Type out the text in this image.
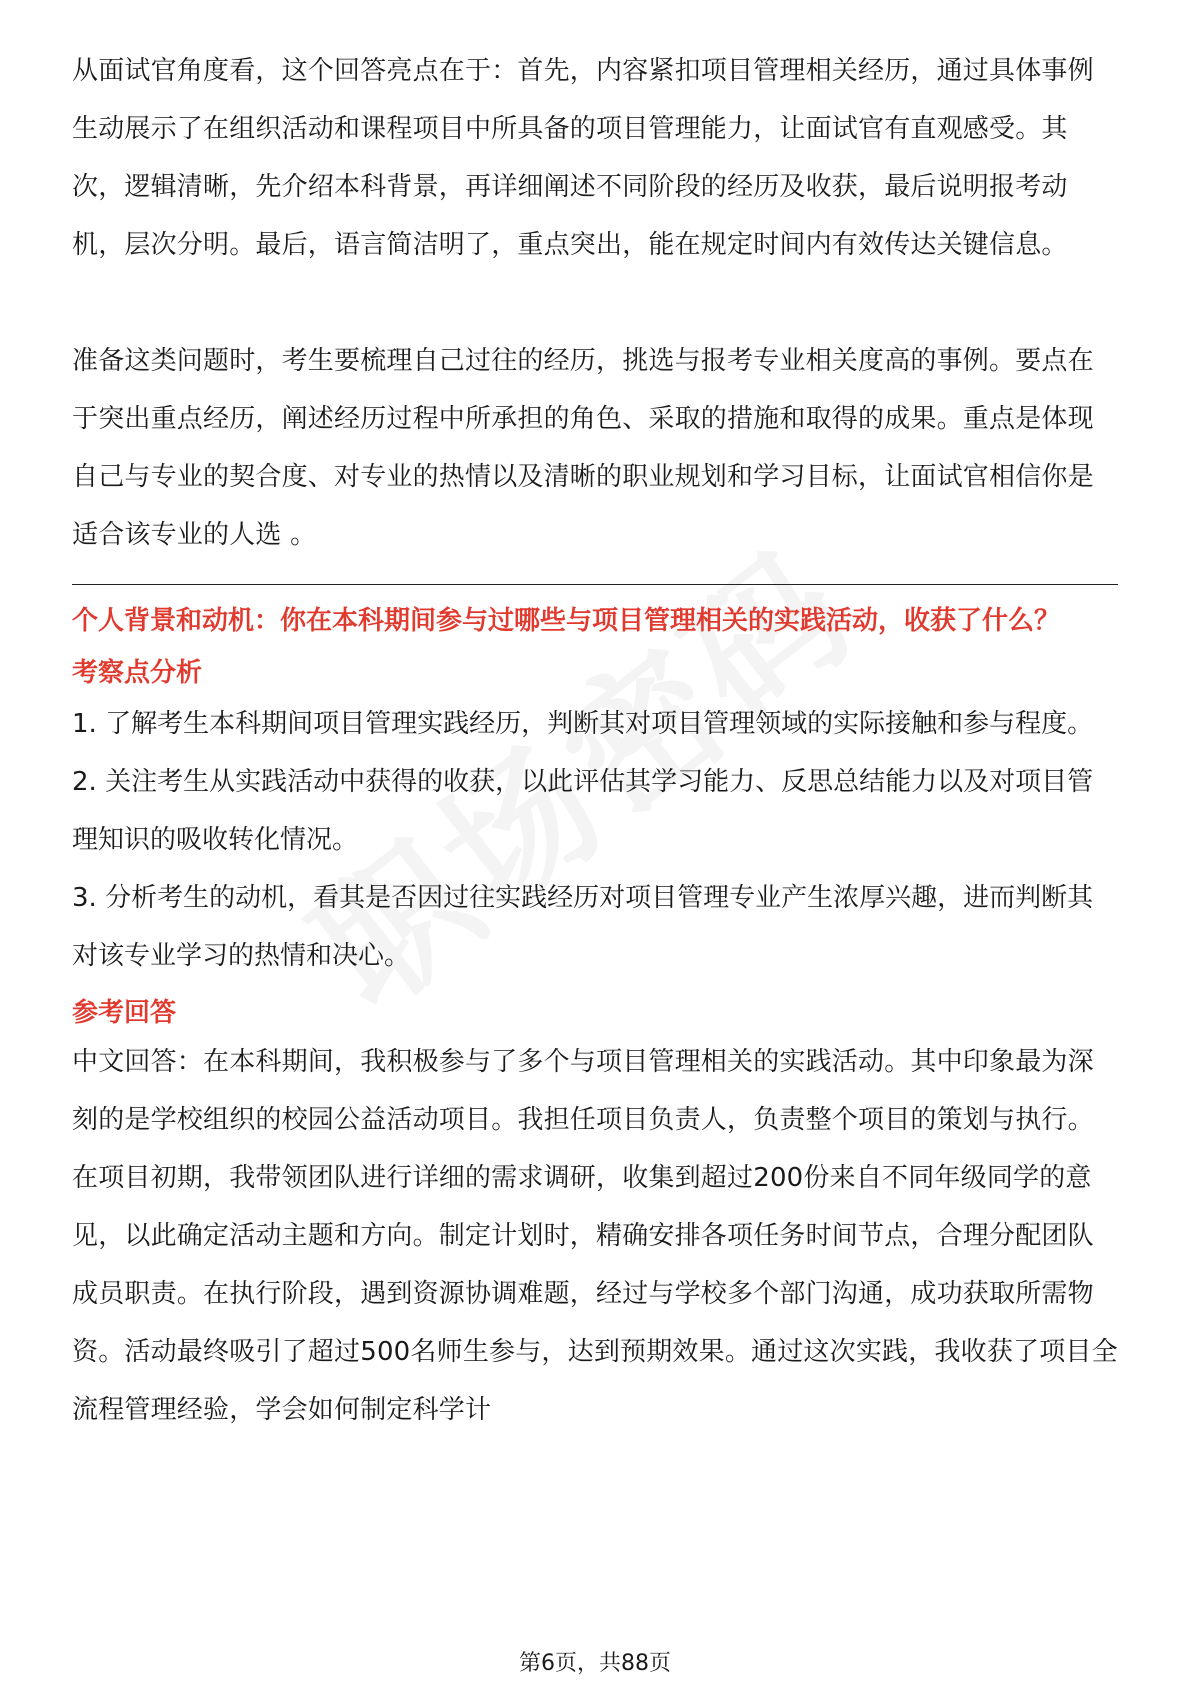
从面试官角度看，这个回答亮点在于：首先，内容紧扣项目管理相关经历，通过具体事例生动展示了在组织活动和课程项目中所具备的项目管理能力，让面试官有直观感受。其次，逻辑清晰，先介绍本科背景，再详细阐述不同阶段的经历及收获，最后说明报考动机，层次分明。最后，语言简洁明了，重点突出，能在规定时间内有效传达关键信息。

准备这类问题时，考生要梳理自己过往的经历，挑选与报考专业相关度高的事例。要点在于突出重点经历，阐述经历过程中所承担的角色、采取的措施和取得的成果。重点是体现自己与专业的契合度、对专业的热情以及清晰的职业规划和学习目标，让面试官相信你是适合该专业的人选 。

个人背景和动机：你在本科期间参与过哪些与项目管理相关的实践活动，收获了什么？

考察点分析

1. 了解考生本科期间项目管理实践经历，判断其对项目管理领域的实际接触和参与程度。

2. 关注考生从实践活动中获得的收获，以此评估其学习能力、反思总结能力以及对项目管理知识的吸收转化情况。

3. 分析考生的动机，看其是否因过往实践经历对项目管理专业产生浓厚兴趣，进而判断其对该专业学习的热情和决心。

参考回答

中文回答：在本科期间，我积极参与了多个与项目管理相关的实践活动。其中印象最为深刻的是学校组织的校园公益活动项目。我担任项目负责人，负责整个项目的策划与执行。在项目初期，我带领团队进行详细的需求调研，收集到超过200份来自不同年级同学的意见，以此确定活动主题和方向。制定计划时，精确安排各项任务时间节点，合理分配团队成员职责。在执行阶段，遇到资源协调难题，经过与学校多个部门沟通，成功获取所需物资。活动最终吸引了超过500名师生参与，达到预期效果。通过这次实践，我收获了项目全流程管理经验，学会如何制定科学计

第6页，共88页
